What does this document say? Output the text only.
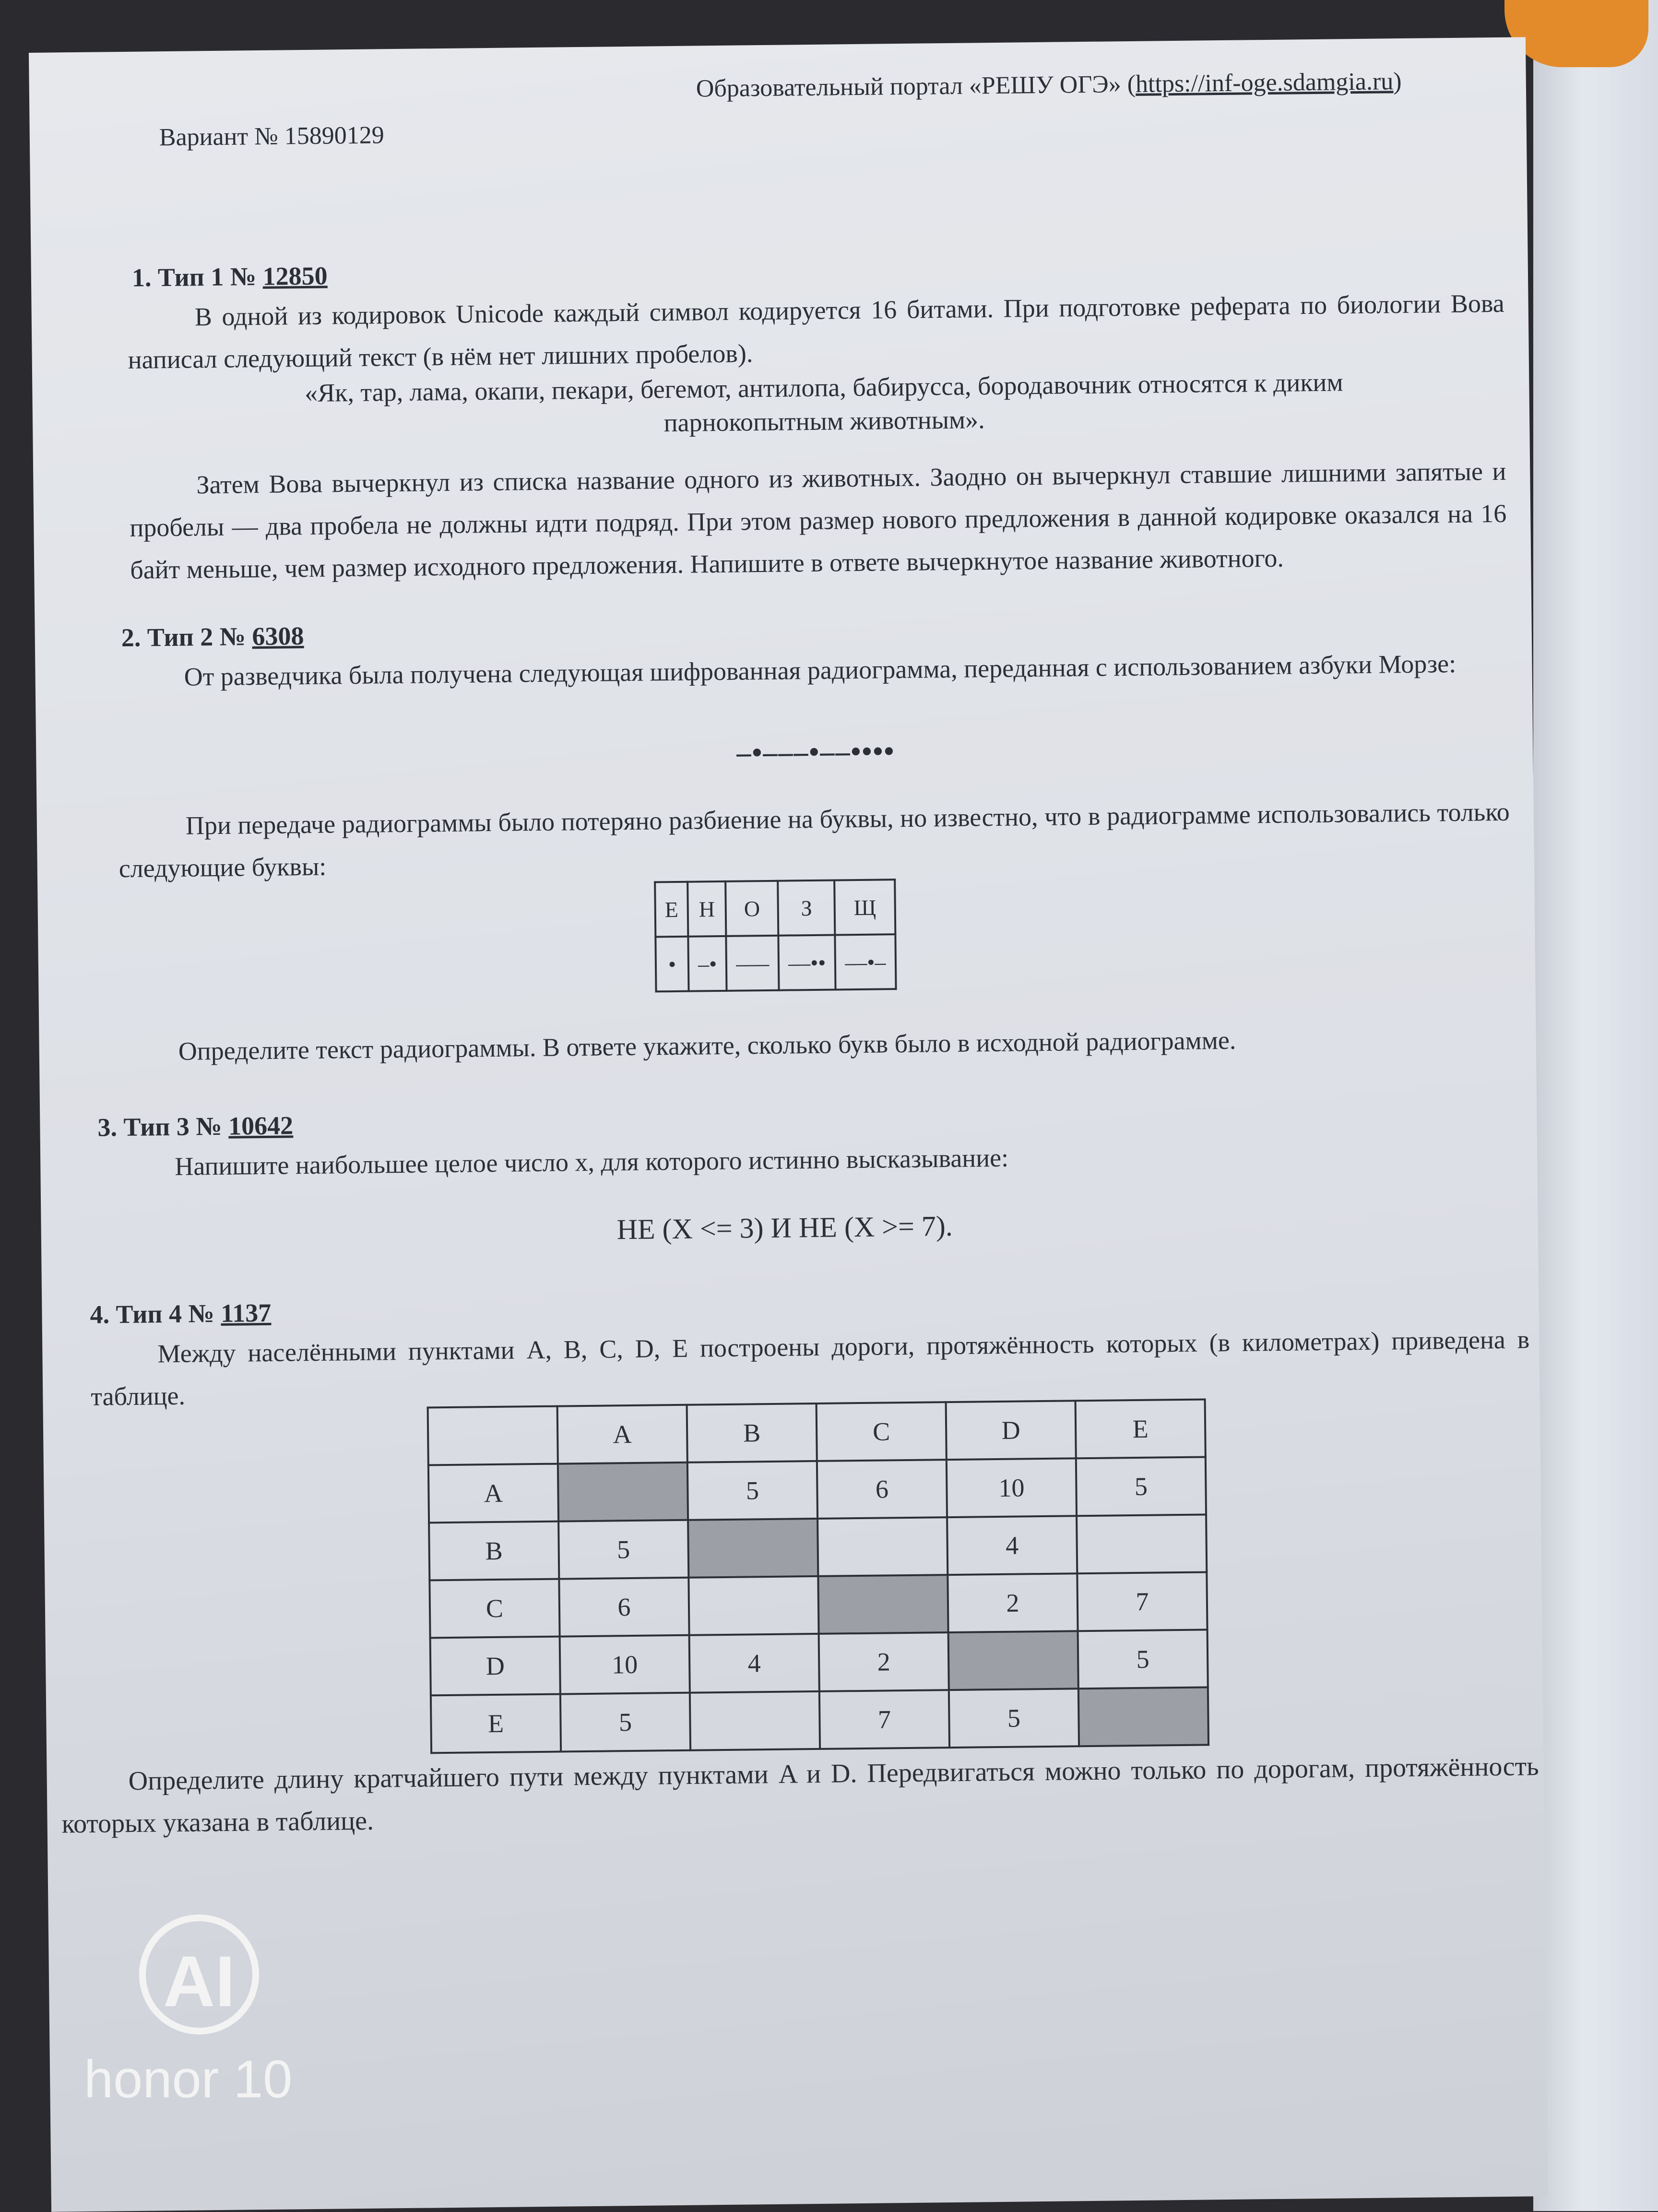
Вариант № 15890129
Образовательный портал «РЕШУ ОГЭ» (https://inf-oge.sdamgia.ru)
1. Тип 1 № 12850
В одной из кодировок Unicode каждый символ кодируется 16 битами. При подготовке реферата по биологии Вова написал следующий текст (в нём нет лишних пробелов).
«Як, тар, лама, окапи, пекари, бегемот, антилопа, бабирусса, бородавочник относятся к диким
парнокопытным животным».
Затем Вова вычеркнул из списка название одного из животных. Заодно он вычеркнул ставшие лишними запятые и пробелы — два пробела не должны идти подряд. При этом размер нового предложения в данной кодировке оказался на 16 байт меньше, чем размер исходного предложения. Напишите в ответе вычеркнутое название животного.
2. Тип 2 № 6308
От разведчика была получена следующая шифрованная радиограмма, переданная с использованием азбуки Морзе:
–•–––•––••••
При передаче радиограммы было потеряно разбиение на буквы, но известно, что в радиограмме использовались только следующие буквы:
Е	Н	О	З	Щ
•	–•	–––	––••	––•–
Определите текст радиограммы. В ответе укажите, сколько букв было в исходной радиограмме.
3. Тип 3 № 10642
Напишите наибольшее целое число x, для которого истинно высказывание:
НЕ (X <= 3) И НЕ (X >= 7).
4. Тип 4 № 1137
Между населёнными пунктами A, B, C, D, E построены дороги, протяжённость которых (в километрах) приведена в таблице.
	A	B	C	D	E
A		5	6	10	5
B	5			4	
C	6			2	7
D	10	4	2		5
E	5		7	5	
Определите длину кратчайшего пути между пунктами A и D. Передвигаться можно только по дорогам, протяжённость которых указана в таблице.
AI
honor 10
